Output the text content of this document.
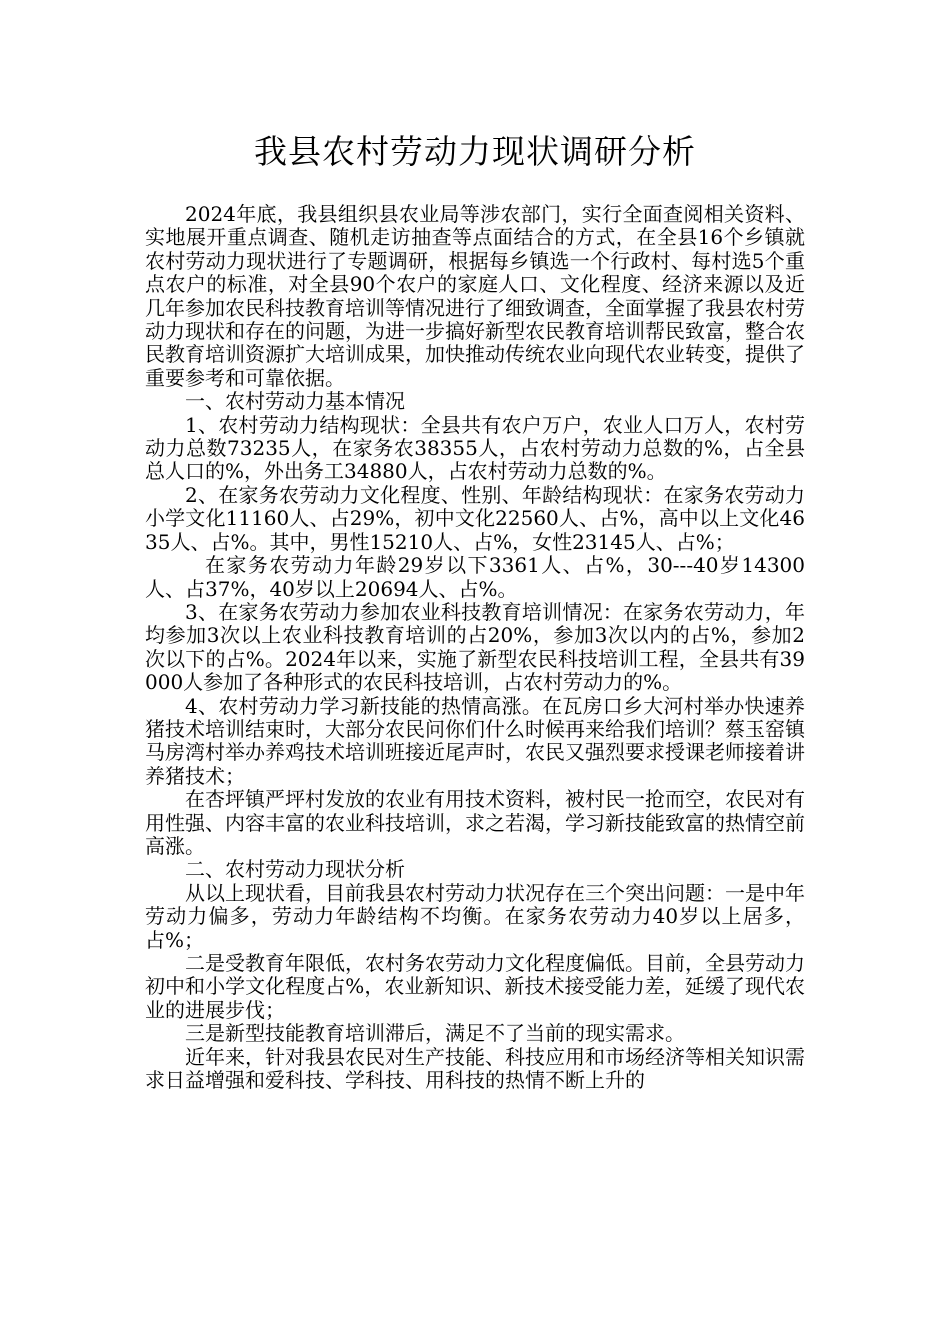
我县农村劳动力现状调研分析

2024年底，我县组织县农业局等涉农部门，实行全面查阅相关资料、实地展开重点调查、随机走访抽查等点面结合的方式，在全县16个乡镇就农村劳动力现状进行了专题调研，根据每乡镇选一个行政村、每村选5个重点农户的标准，对全县90个农户的家庭人口、文化程度、经济来源以及近几年参加农民科技教育培训等情况进行了细致调查，全面掌握了我县农村劳动力现状和存在的问题，为进一步搞好新型农民教育培训帮民致富，整合农民教育培训资源扩大培训成果，加快推动传统农业向现代农业转变，提供了重要参考和可靠依据。

一、农村劳动力基本情况

1、农村劳动力结构现状：全县共有农户万户，农业人口万人，农村劳动力总数73235人，在家务农38355人，占农村劳动力总数的%，占全县总人口的%，外出务工34880人，占农村劳动力总数的%。

2、在家务农劳动力文化程度、性别、年龄结构现状：在家务农劳动力小学文化11160人、占29%，初中文化22560人、占%，高中以上文化4635人、占%。其中，男性15210人、占%，女性23145人、占%；

在家务农劳动力年龄29岁以下3361人、占%，30---40岁14300人、占37%，40岁以上20694人、占%。

3、在家务农劳动力参加农业科技教育培训情况：在家务农劳动力，年均参加3次以上农业科技教育培训的占20%，参加3次以内的占%，参加2次以下的占%。2024年以来，实施了新型农民科技培训工程，全县共有39000人参加了各种形式的农民科技培训，占农村劳动力的%。

4、农村劳动力学习新技能的热情高涨。在瓦房口乡大河村举办快速养猪技术培训结束时，大部分农民问你们什么时候再来给我们培训？蔡玉窑镇马房湾村举办养鸡技术培训班接近尾声时，农民又强烈要求授课老师接着讲养猪技术；

在杏坪镇严坪村发放的农业有用技术资料，被村民一抢而空，农民对有用性强、内容丰富的农业科技培训，求之若渴，学习新技能致富的热情空前高涨。

二、农村劳动力现状分析

从以上现状看，目前我县农村劳动力状况存在三个突出问题：一是中年劳动力偏多，劳动力年龄结构不均衡。在家务农劳动力40岁以上居多，占%；

二是受教育年限低，农村务农劳动力文化程度偏低。目前，全县劳动力初中和小学文化程度占%，农业新知识、新技术接受能力差，延缓了现代农业的进展步伐；

三是新型技能教育培训滞后，满足不了当前的现实需求。

近年来，针对我县农民对生产技能、科技应用和市场经济等相关知识需求日益增强和爱科技、学科技、用科技的热情不断上升的
